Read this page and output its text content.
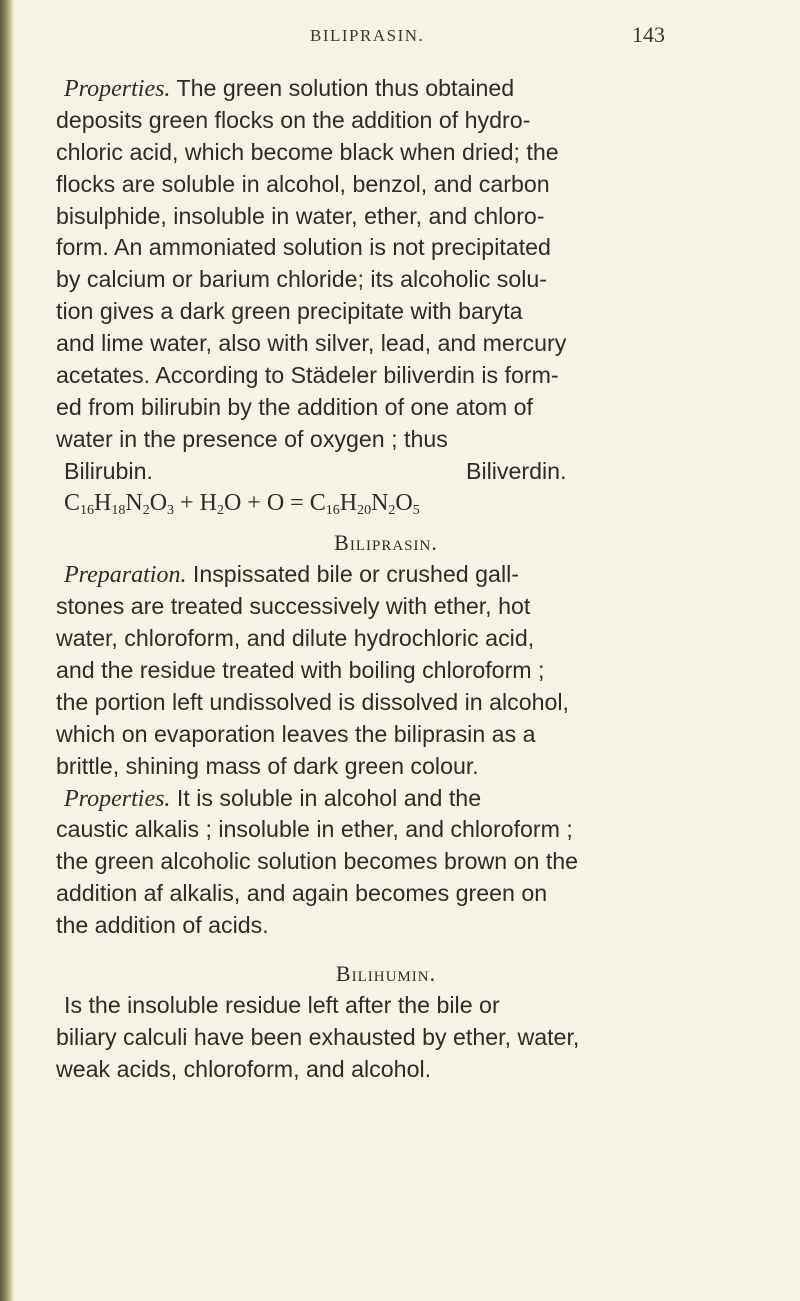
BILIPRASIN.	143
Properties. The green solution thus obtained
deposits green flocks on the addition of hydro-
chloric acid, which become black when dried; the
flocks are soluble in alcohol, benzol, and carbon
bisulphide, insoluble in water, ether, and chloro-
form. An ammoniated solution is not precipitated
by calcium or barium chloride; its alcoholic solu-
tion gives a dark green precipitate with baryta
and lime water, also with silver, lead, and mercury
acetates. According to Städeler biliverdin is form-
ed from bilirubin by the addition of one atom of
water in the presence of oxygen ; thus

Bilirubin.

	Biliverdin.

$C_{16}H_{18}N_2O_3 + H_2O + O = C_{16}H_{20}N_2O_5$
Biliprasin.
Preparation. Inspissated bile or crushed gall-
stones are treated successively with ether, hot
water, chloroform, and dilute hydrochloric acid,
and the residue treated with boiling chloroform ;
the portion left undissolved is dissolved in alcohol,
which on evaporation leaves the biliprasin as a
brittle, shining mass of dark green colour.
Properties. It is soluble in alcohol and the
caustic alkalis ; insoluble in ether, and chloroform ;
the green alcoholic solution becomes brown on the
addition af alkalis, and again becomes green on
the addition of acids.
Bilihumin.
Is the insoluble residue left after the bile or
biliary calculi have been exhausted by ether, water,
weak acids, chloroform, and alcohol.
